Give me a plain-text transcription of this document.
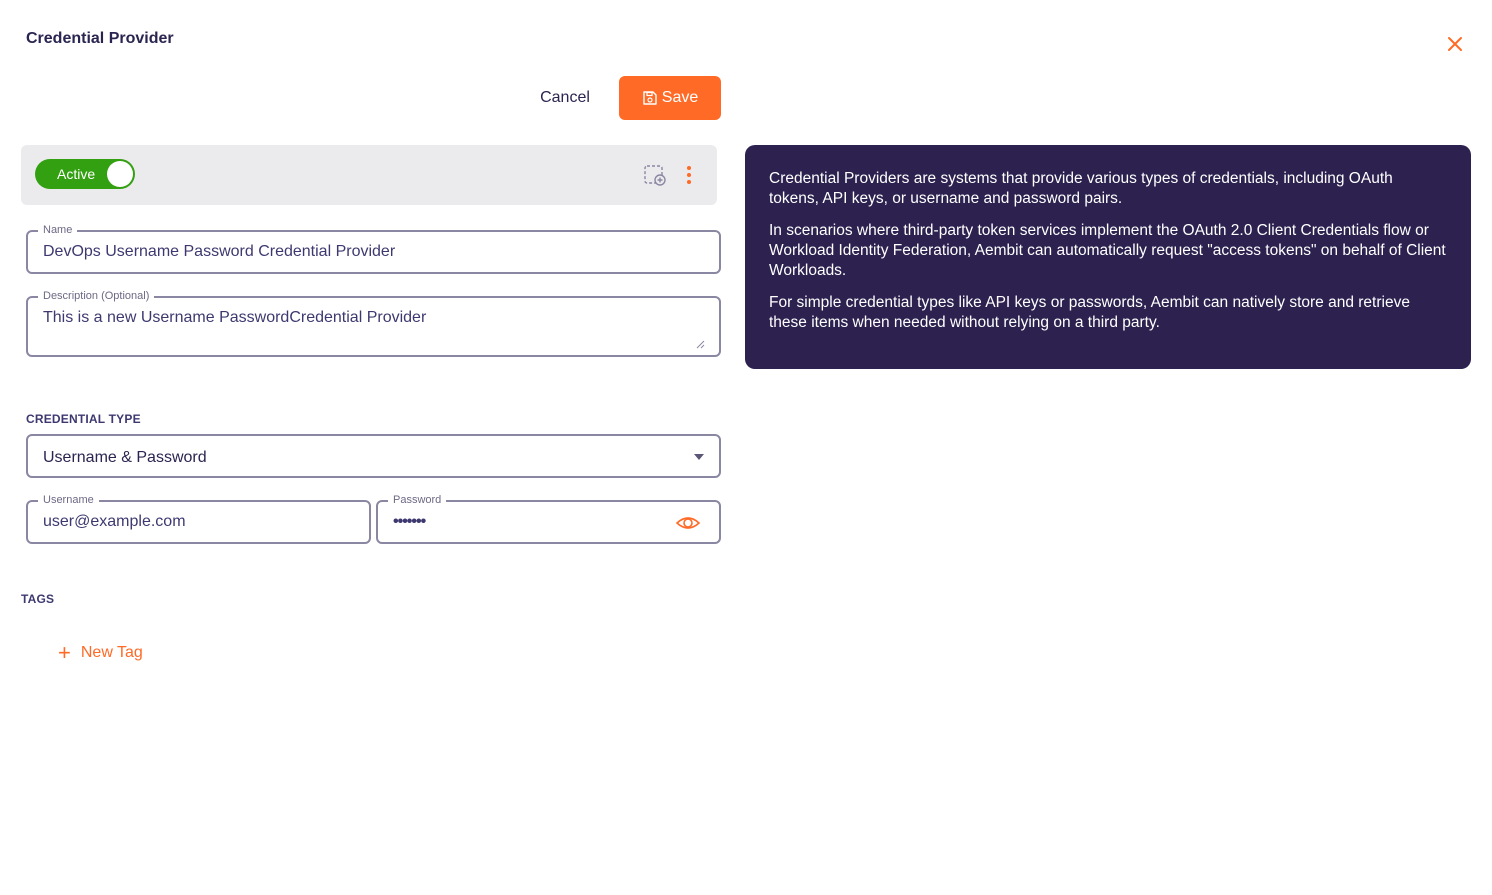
Credential Provider
Cancel	Save
Active
Name
DevOps Username Password Credential Provider
Description (Optional)
This is a new Username PasswordCredential Provider
CREDENTIAL TYPE
Username & Password
Username
user@example.com
Password
•••••••
TAGS
+ New Tag

Credential Providers are systems that provide various types of credentials, including OAuth tokens, API keys, or username and password pairs.

In scenarios where third-party token services implement the OAuth 2.0 Client Credentials flow or Workload Identity Federation, Aembit can automatically request "access tokens" on behalf of Client Workloads.

For simple credential types like API keys or passwords, Aembit can natively store and retrieve these items when needed without relying on a third party.
